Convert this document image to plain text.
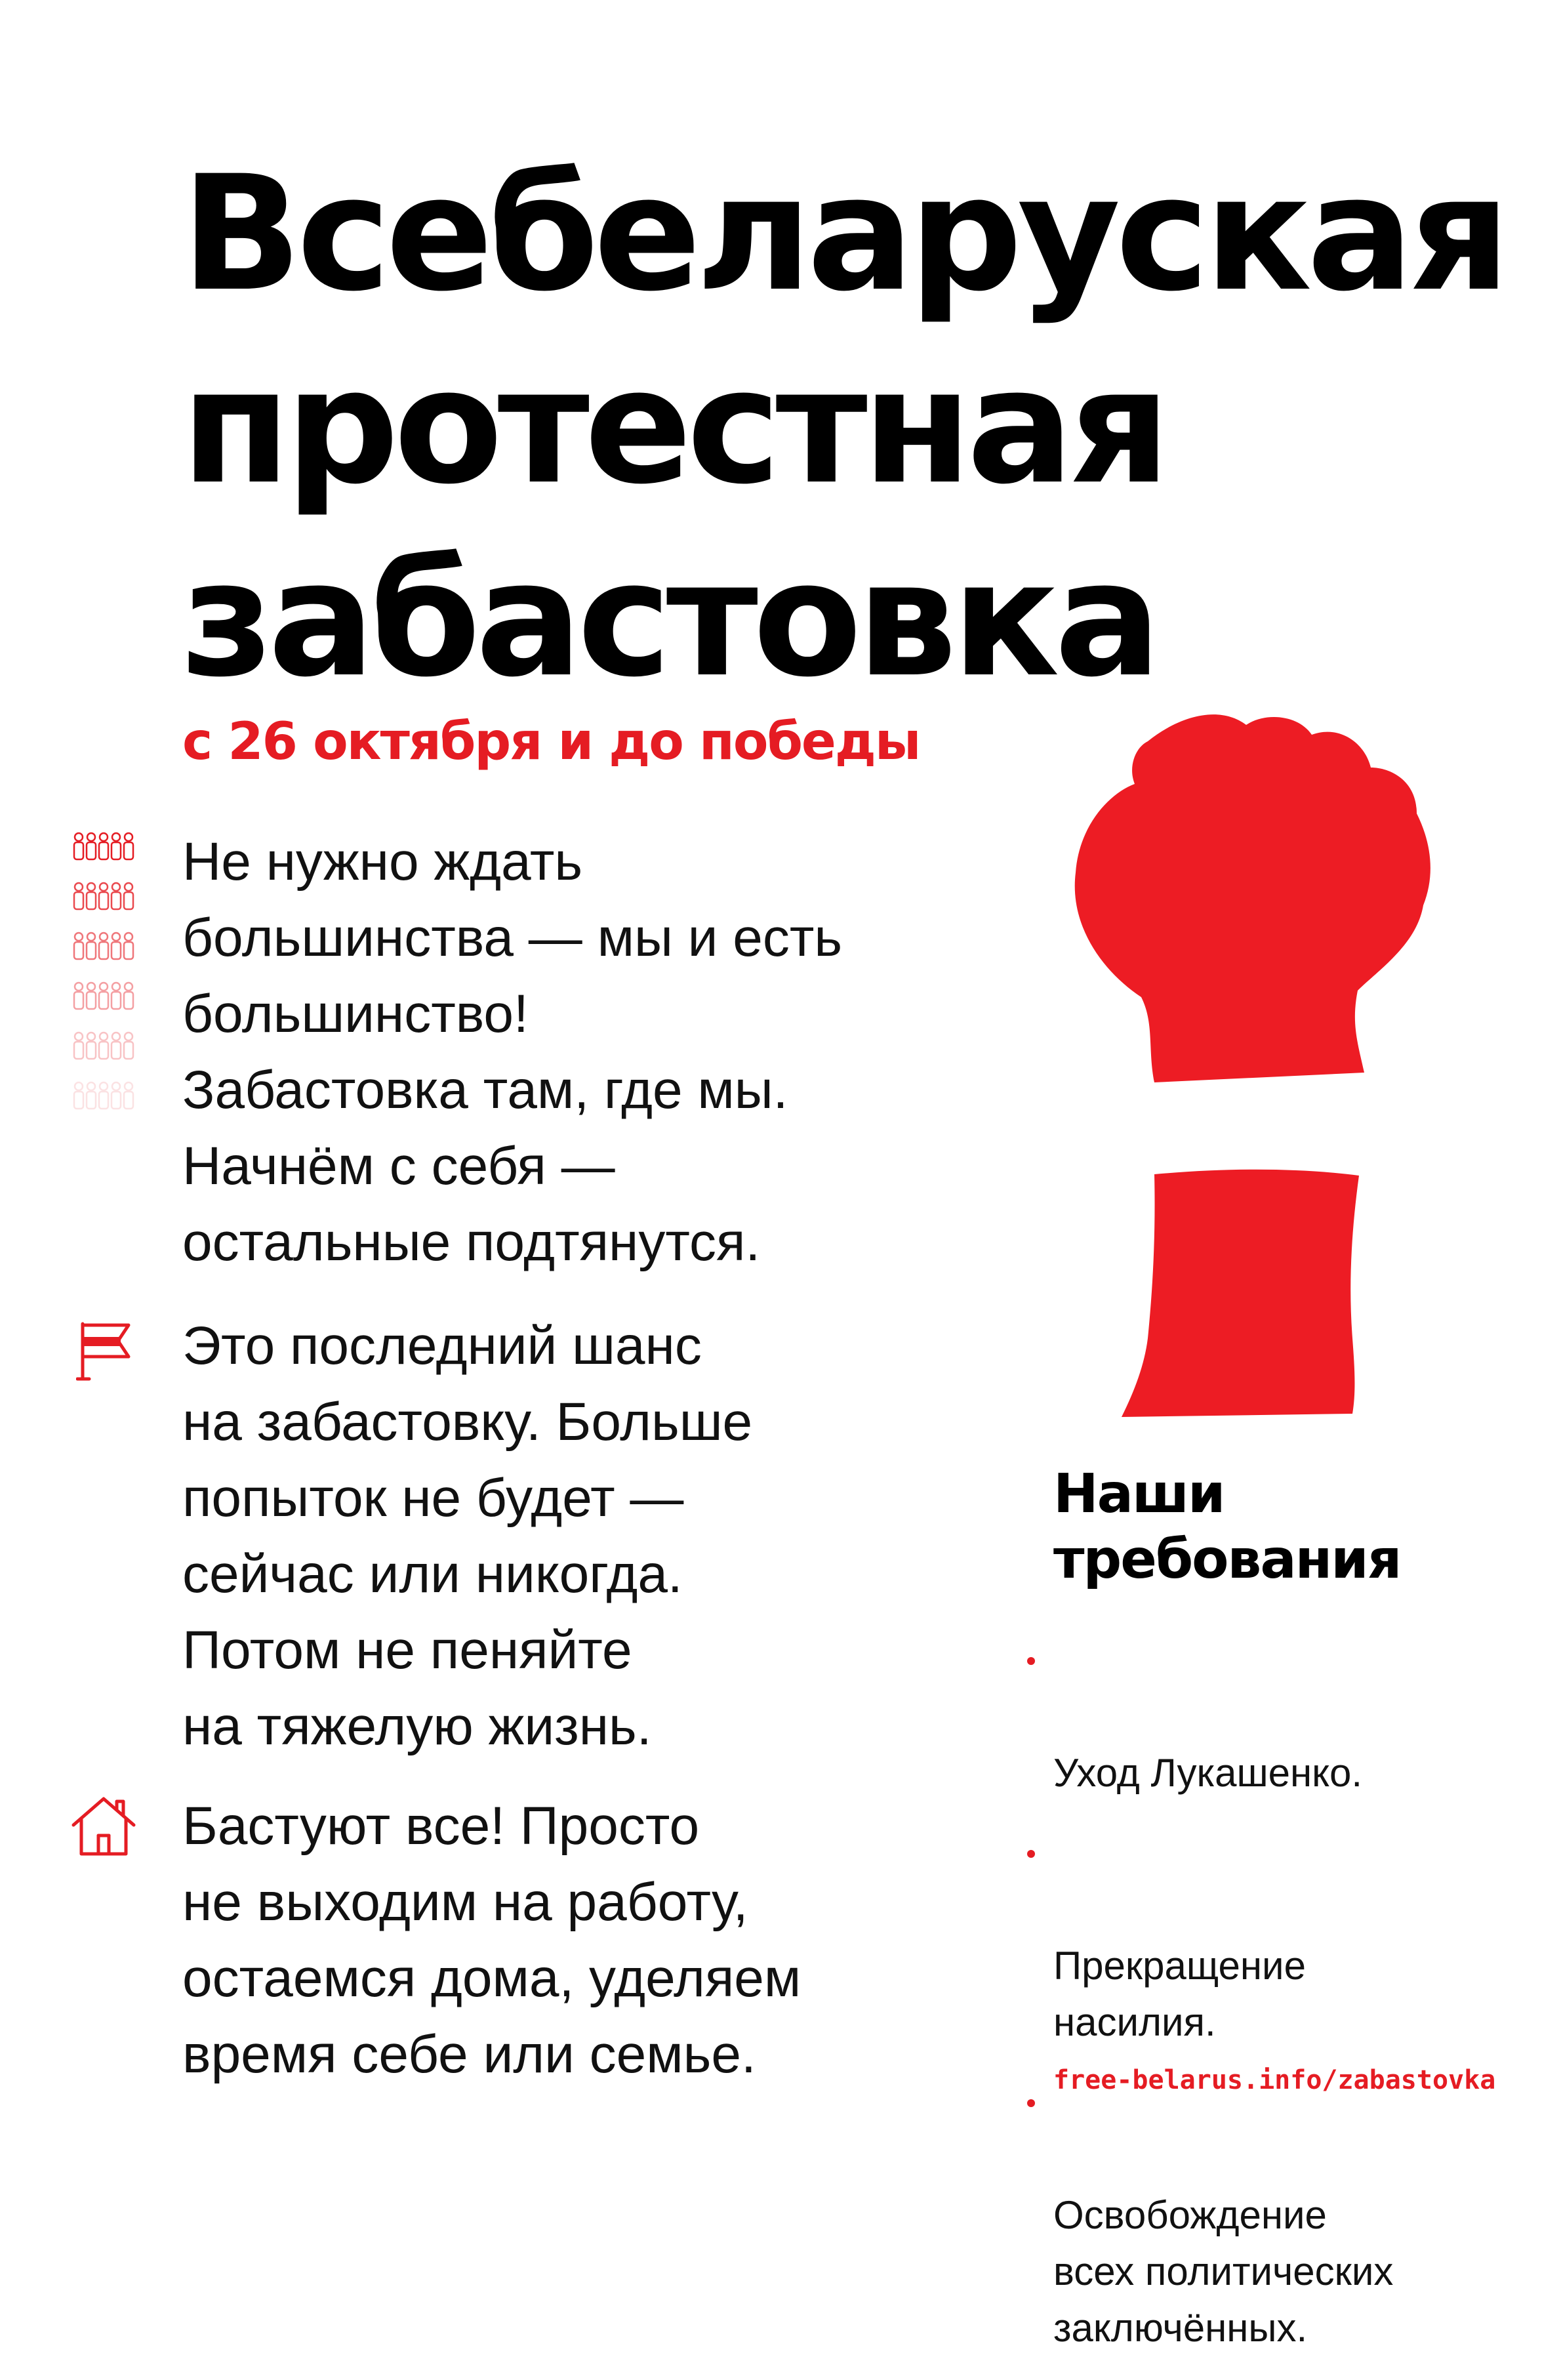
Всебеларуская
протестная
забастовка

с 26 октября и до победы

Не нужно ждать
большинства — мы и есть
большинство!
Забастовка там, где мы.
Начнём с себя —
остальные подтянутся.

Это последний шанс
на забастовку. Больше
попыток не будет —
сейчас или никогда.
Потом не пеняйте
на тяжелую жизнь.

Бастуют все! Просто
не выходим на работу,
остаемся дома, уделяем
время себе или семье.

Наши
требования

Уход Лукашенко.

Прекращение
насилия.

Освобождение
всех политических
заключённых.

free-belarus.info/zabastovka
